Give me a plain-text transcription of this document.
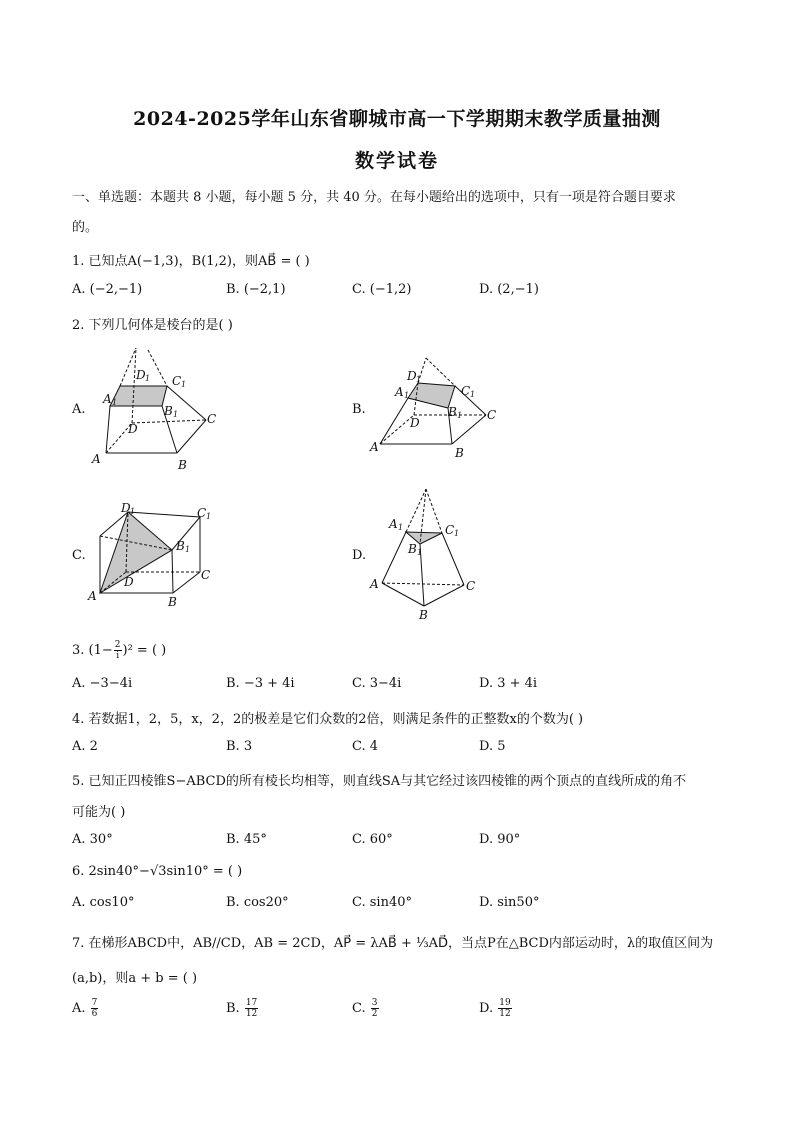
2024-2025学年山东省聊城市高一下学期期末教学质量抽测
数学试卷
一、单选题：本题共 8 小题，每小题 5 分，共 40 分。在每小题给出的选项中，只有一项是符合题目要求
的。
1. 已知点A(−1,3)，B(1,2)，则AB⃗ = ( )
A. (−2,−1)	B. (−2,1)	C. (−1,2)	D. (2,−1)
2. 下列几何体是棱台的是( )
A.
A	B
C
D
A 1
B 1
C 1
D 1
B.
A	B
C
D
A 1
B 1
C 1
D 1
C.
A	B
C
D
B 1
C 1
D 1
D.
A
B
C
A 1
B 1
C 1
3. $(1- \frac{2}{i} )^2$ = ( )
A. −3−4i	B. −3 + 4i	C. 3−4i	D. 3 + 4i
4. 若数据1，2，5，x，2，2的极差是它们众数的2倍，则满足条件的正整数x的个数为( )
A. 2	B. 3	C. 4	D. 5
5. 已知正四棱锥S−ABCD的所有棱长均相等，则直线SA与其它经过该四棱锥的两个顶点的直线所成的角不
可能为( )
A. 30°	B. 45°	C. 60°	D. 90°
6. 2sin40°−√3sin10° = ( )
A. cos10°	B. cos20°	C. sin40°	D. sin50°
7. 在梯形ABCD中，AB//CD，AB = 2CD，AP⃗ = λAB⃗ + ⅓AD⃗，当点P在△BCD内部运动时，λ的取值区间为
(a,b)，则a + b = ( )
A. $\frac{7}{6}$	B. $\frac{17}{12}$	C. $\frac{3}{2}$	D. $\frac{19}{12}$
